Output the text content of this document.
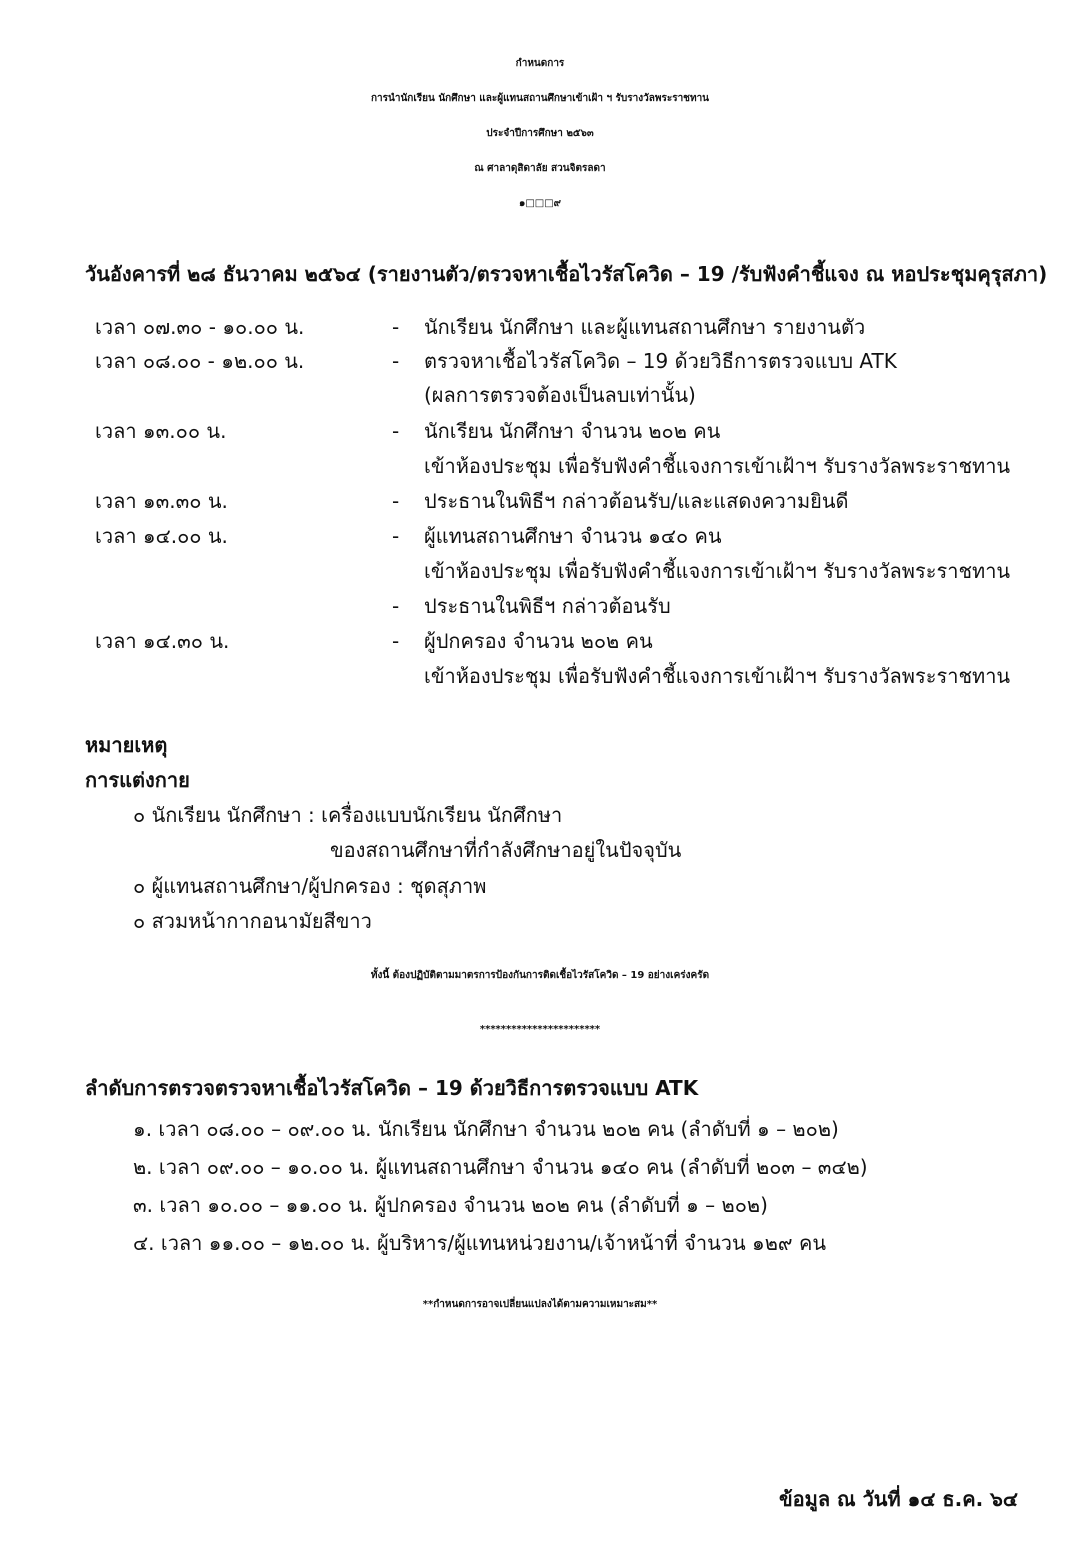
กำหนดการ
การนำนักเรียน นักศึกษา และผู้แทนสถานศึกษาเข้าเฝ้า ฯ รับรางวัลพระราชทาน
ประจำปีการศึกษา ๒๕๖๓
ณ ศาลาดุสิดาลัย สวนจิตรลดา
๑□□□๙
วันอังคารที่ ๒๘ ธันวาคม ๒๕๖๔ (รายงานตัว/ตรวจหาเชื้อไวรัสโควิด – 19 /รับฟังคำชี้แจง ณ หอประชุมคุรุสภา)
เวลา ๐๗.๓๐ - ๑๐.๐๐ น.	- นักเรียน นักศึกษา และผู้แทนสถานศึกษา รายงานตัว
เวลา ๐๘.๐๐ - ๑๒.๐๐ น.	- ตรวจหาเชื้อไวรัสโควิด – 19 ด้วยวิธีการตรวจแบบ ATK
(ผลการตรวจต้องเป็นลบเท่านั้น)
เวลา ๑๓.๐๐ น.	- นักเรียน นักศึกษา จำนวน ๒๐๒ คน
เข้าห้องประชุม เพื่อรับฟังคำชี้แจงการเข้าเฝ้าฯ รับรางวัลพระราชทาน
เวลา ๑๓.๓๐ น.	- ประธานในพิธีฯ กล่าวต้อนรับ/และแสดงความยินดี
เวลา ๑๔.๐๐ น.	- ผู้แทนสถานศึกษา จำนวน ๑๔๐ คน
เข้าห้องประชุม เพื่อรับฟังคำชี้แจงการเข้าเฝ้าฯ รับรางวัลพระราชทาน
- ประธานในพิธีฯ กล่าวต้อนรับ
เวลา ๑๔.๓๐ น.	- ผู้ปกครอง จำนวน ๒๐๒ คน
เข้าห้องประชุม เพื่อรับฟังคำชี้แจงการเข้าเฝ้าฯ รับรางวัลพระราชทาน
หมายเหตุ
การแต่งกาย
๐ นักเรียน นักศึกษา : เครื่องแบบนักเรียน นักศึกษา
ของสถานศึกษาที่กำลังศึกษาอยู่ในปัจจุบัน
๐ ผู้แทนสถานศึกษา/ผู้ปกครอง : ชุดสุภาพ
๐ สวมหน้ากากอนามัยสีขาว
ทั้งนี้ ต้องปฏิบัติตามมาตรการป้องกันการติดเชื้อไวรัสโควิด – 19 อย่างเคร่งครัด
***********************
ลำดับการตรวจตรวจหาเชื้อไวรัสโควิด – 19 ด้วยวิธีการตรวจแบบ ATK
๑. เวลา ๐๘.๐๐ – ๐๙.๐๐ น. นักเรียน นักศึกษา จำนวน ๒๐๒ คน (ลำดับที่ ๑ – ๒๐๒)
๒. เวลา ๐๙.๐๐ – ๑๐.๐๐ น. ผู้แทนสถานศึกษา จำนวน ๑๔๐ คน (ลำดับที่ ๒๐๓ – ๓๔๒)
๓. เวลา ๑๐.๐๐ – ๑๑.๐๐ น. ผู้ปกครอง จำนวน ๒๐๒ คน (ลำดับที่ ๑ – ๒๐๒)
๔. เวลา ๑๑.๐๐ – ๑๒.๐๐ น. ผู้บริหาร/ผู้แทนหน่วยงาน/เจ้าหน้าที่ จำนวน ๑๒๙ คน
**กำหนดการอาจเปลี่ยนแปลงได้ตามความเหมาะสม**
ข้อมูล ณ วันที่ ๑๔ ธ.ค. ๖๔
